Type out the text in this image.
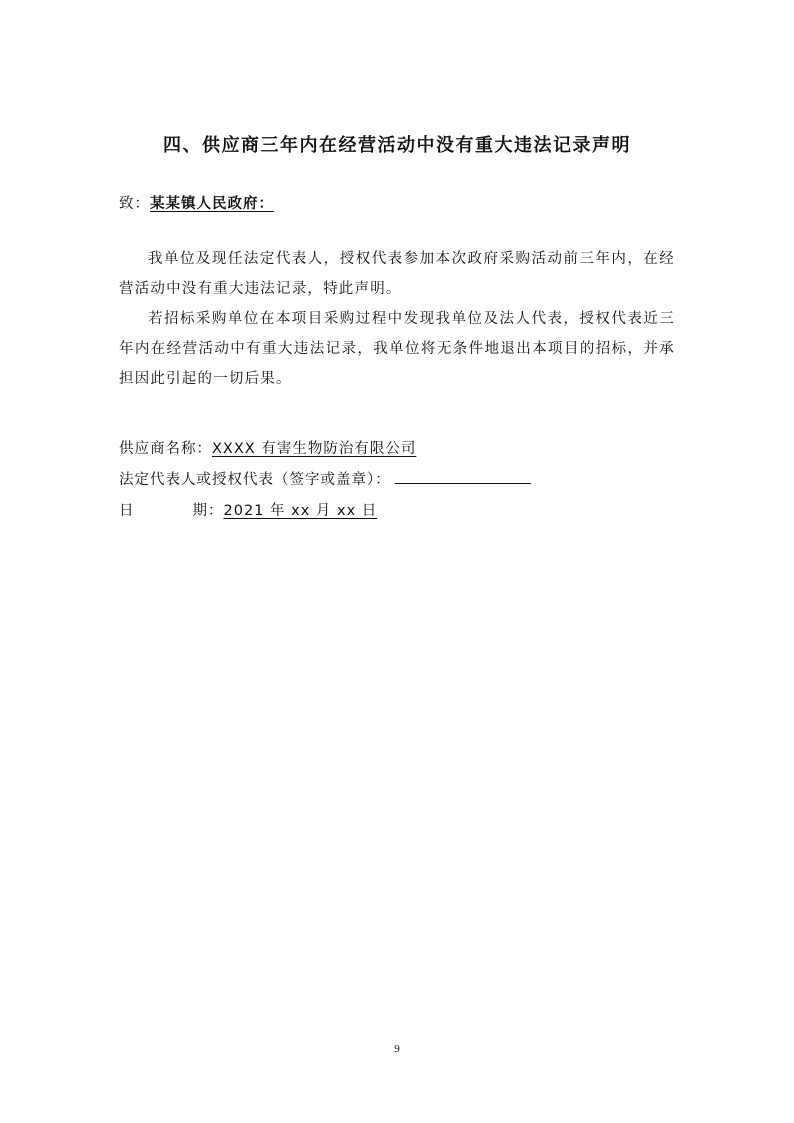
四、供应商三年内在经营活动中没有重大违法记录声明
致：某某镇人民政府：

我单位及现任法定代表人，授权代表参加本次政府采购活动前三年内，在经营活动中没有重大违法记录，特此声明。

若招标采购单位在本项目采购过程中发现我单位及法人代表，授权代表近三年内在经营活动中有重大违法记录，我单位将无条件地退出本项目的招标，并承担因此引起的一切后果。

供应商名称：XXXX 有害生物防治有限公司
法定代表人或授权代表（签字或盖章）：
日	期：2021 年 xx 月 xx 日
9
